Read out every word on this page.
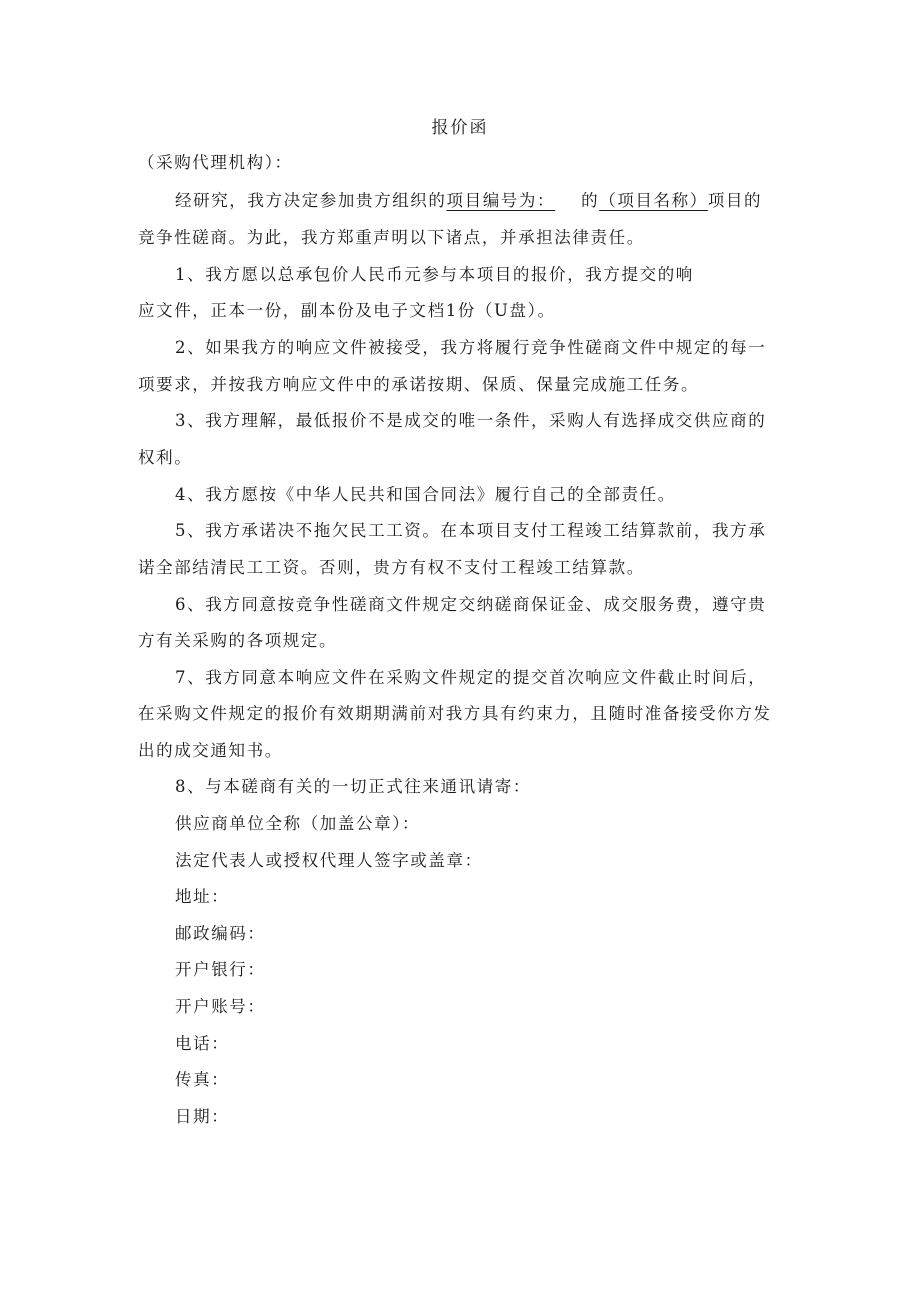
报价函
（采购代理机构）：
经研究，我方决定参加贵方组织的项目编号为： 的（项目名称）项目的
竞争性磋商。为此，我方郑重声明以下诸点，并承担法律责任。
1、我方愿以总承包价人民币元参与本项目的报价，我方提交的响
应文件，正本一份，副本份及电子文档1份（U盘）。
2、如果我方的响应文件被接受，我方将履行竞争性磋商文件中规定的每一
项要求，并按我方响应文件中的承诺按期、保质、保量完成施工任务。
3、我方理解，最低报价不是成交的唯一条件，采购人有选择成交供应商的
权利。
4、我方愿按《中华人民共和国合同法》履行自己的全部责任。
5、我方承诺决不拖欠民工工资。在本项目支付工程竣工结算款前，我方承
诺全部结清民工工资。否则，贵方有权不支付工程竣工结算款。
6、我方同意按竞争性磋商文件规定交纳磋商保证金、成交服务费，遵守贵
方有关采购的各项规定。
7、我方同意本响应文件在采购文件规定的提交首次响应文件截止时间后，
在采购文件规定的报价有效期期满前对我方具有约束力，且随时准备接受你方发
出的成交通知书。
8、与本磋商有关的一切正式往来通讯请寄：
供应商单位全称（加盖公章）：
法定代表人或授权代理人签字或盖章：
地址：
邮政编码：
开户银行：
开户账号：
电话：
传真：
日期：
